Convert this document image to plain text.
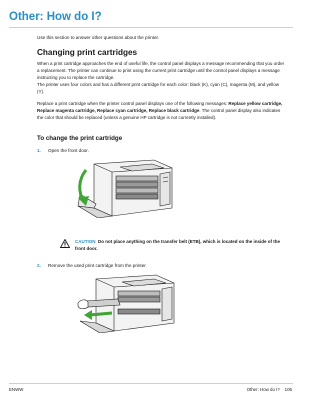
Other: How do I?

Use this section to answer other questions about the printer.

Changing print cartridges

When a print cartridge approaches the end of useful life, the control panel displays a message recommending that you order a replacement. The printer can continue to print using the current print cartridge until the control panel displays a message instructing you to replace the cartridge.

The printer uses four colors and has a different print cartridge for each color: black (K), cyan (C), magenta (M), and yellow (Y).

Replace a print cartridge when the printer control panel displays one of the following messages: Replace yellow cartridge, Replace magenta cartridge, Replace cyan cartridge, Replace black cartridge. The control panel display also indicates the color that should be replaced (unless a genuine HP cartridge is not currently installed).

To change the print cartridge
1. Open the front door.
CAUTION Do not place anything on the transfer belt (ETB), which is located on the inside of the front door.
2. Remove the used print cartridge from the printer.
ENWW	Other: How do I?    105
